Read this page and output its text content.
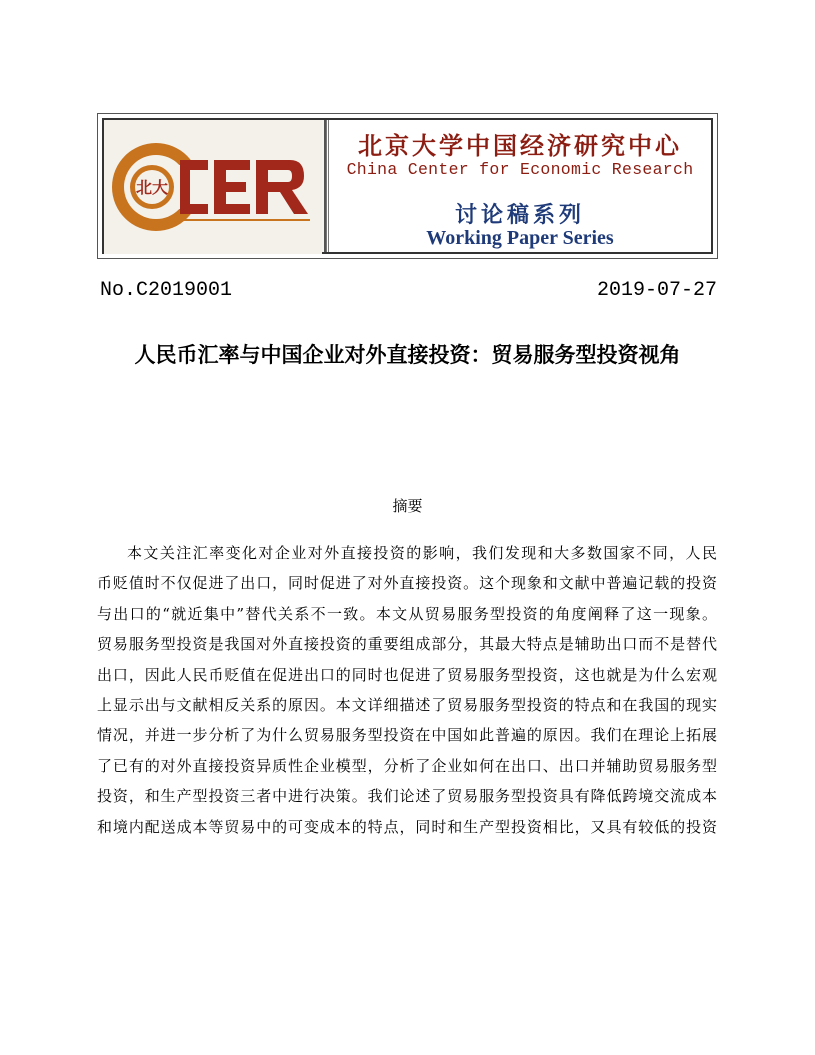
北大
北京大学中国经济研究中心
China Center for Economic Research
讨论稿系列
Working Paper Series
No.C2019001	2019-07-27
人民币汇率与中国企业对外直接投资：贸易服务型投资视角
摘要
本文关注汇率变化对企业对外直接投资的影响，我们发现和大多数国家不同，人民
币贬值时不仅促进了出口，同时促进了对外直接投资。这个现象和文献中普遍记载的投资
与出口的“就近集中”替代关系不一致。本文从贸易服务型投资的角度阐释了这一现象。
贸易服务型投资是我国对外直接投资的重要组成部分，其最大特点是辅助出口而不是替代
出口，因此人民币贬值在促进出口的同时也促进了贸易服务型投资，这也就是为什么宏观
上显示出与文献相反关系的原因。本文详细描述了贸易服务型投资的特点和在我国的现实
情况，并进一步分析了为什么贸易服务型投资在中国如此普遍的原因。我们在理论上拓展
了已有的对外直接投资异质性企业模型，分析了企业如何在出口、出口并辅助贸易服务型
投资，和生产型投资三者中进行决策。我们论述了贸易服务型投资具有降低跨境交流成本
和境内配送成本等贸易中的可变成本的特点，同时和生产型投资相比，又具有较低的投资
